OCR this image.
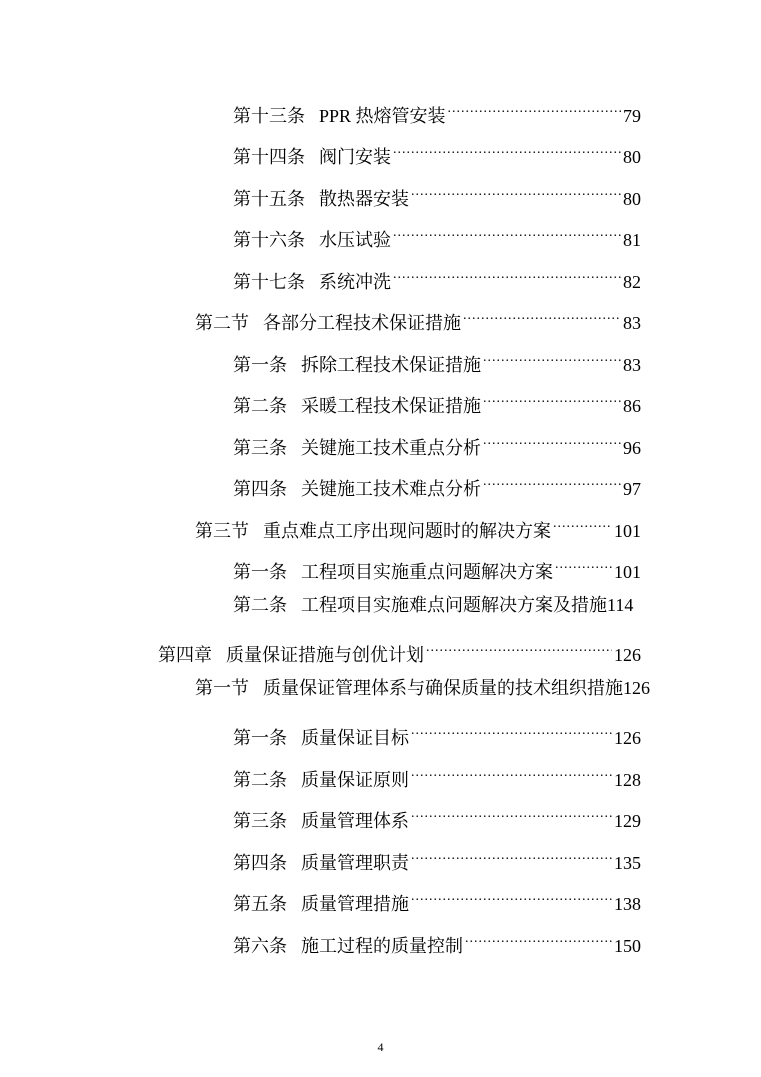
第十三条 PPR 热熔管安装 .....	79
第十四条 阀门安装 .....	80
第十五条 散热器安装 .....	80
第十六条 水压试验 .....	81
第十七条 系统冲洗 .....	82
第二节 各部分工程技术保证措施 .....	83
第一条 拆除工程技术保证措施 .....	83
第二条 采暖工程技术保证措施 .....	86
第三条 关键施工技术重点分析 .....	96
第四条 关键施工技术难点分析 .....	97
第三节 重点难点工序出现问题时的解决方案 .....	101
第一条 工程项目实施重点问题解决方案 .....	101
第二条 工程项目实施难点问题解决方案及措施 114
第四章 质量保证措施与创优计划 .....	126
第一节 质量保证管理体系与确保质量的技术组织措施 126
第一条 质量保证目标 .....	126
第二条 质量保证原则 .....	128
第三条 质量管理体系 .....	129
第四条 质量管理职责 .....	135
第五条 质量管理措施 .....	138
第六条 施工过程的质量控制 .....	150
4
